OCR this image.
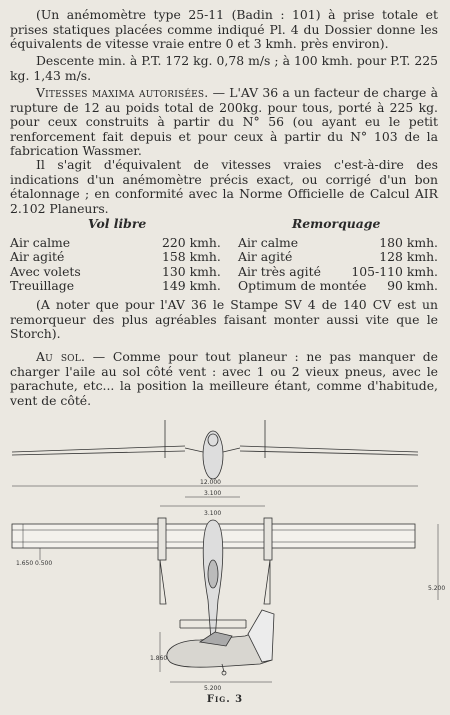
(Un anémomètre type 25-11 (Badin : 101) à prise totale et prises statiques placées comme indiqué Pl. 4 du Dossier donne les équivalents de vitesse vraie entre 0 et 3 kmh. près environ).

Descente min. à P.T. 172 kg. 0,78 m/s ; à 100 kmh. pour P.T. 225 kg. 1,43 m/s.

Vitesses maxima autorisées. — L'AV 36 a un facteur de charge à rupture de 12 au poids total de 200kg. pour tous, porté à 225 kg. pour ceux construits à partir du N° 56 (ou ayant eu le petit renforcement fait depuis et pour ceux à partir du N° 103 de la fabrication Wassmer.

Il s'agit d'équivalent de vitesses vraies c'est-à-dire des indications d'un anémomètre précis exact, ou corrigé d'un bon étalonnage ; en conformité avec la Norme Officielle de Calcul AIR 2.102 Planeurs.

Vol libre	Remorquage
Air calme	220 kmh. Air calme	180 kmh.
Air agité	158 kmh. Air agité	128 kmh.
Avec volets	130 kmh. Air très agité 105-110 kmh.
Treuillage	149 kmh. Optimum de montée 90 kmh.

(A noter que pour l'AV 36 le Stampe SV 4 de 140 CV est un remorqueur des plus agréables faisant monter aussi vite que le Storch).

Au sol. — Comme pour tout planeur : ne pas manquer de charger l'aile au sol côté vent : avec 1 ou 2 vieux pneus, avec le parachute, etc... la position la meilleure étant, comme d'habitude, vent de côté.

12.000
3.100
3.100
1.650 0.500
5.200
5.200
1.860
Fig. 3
